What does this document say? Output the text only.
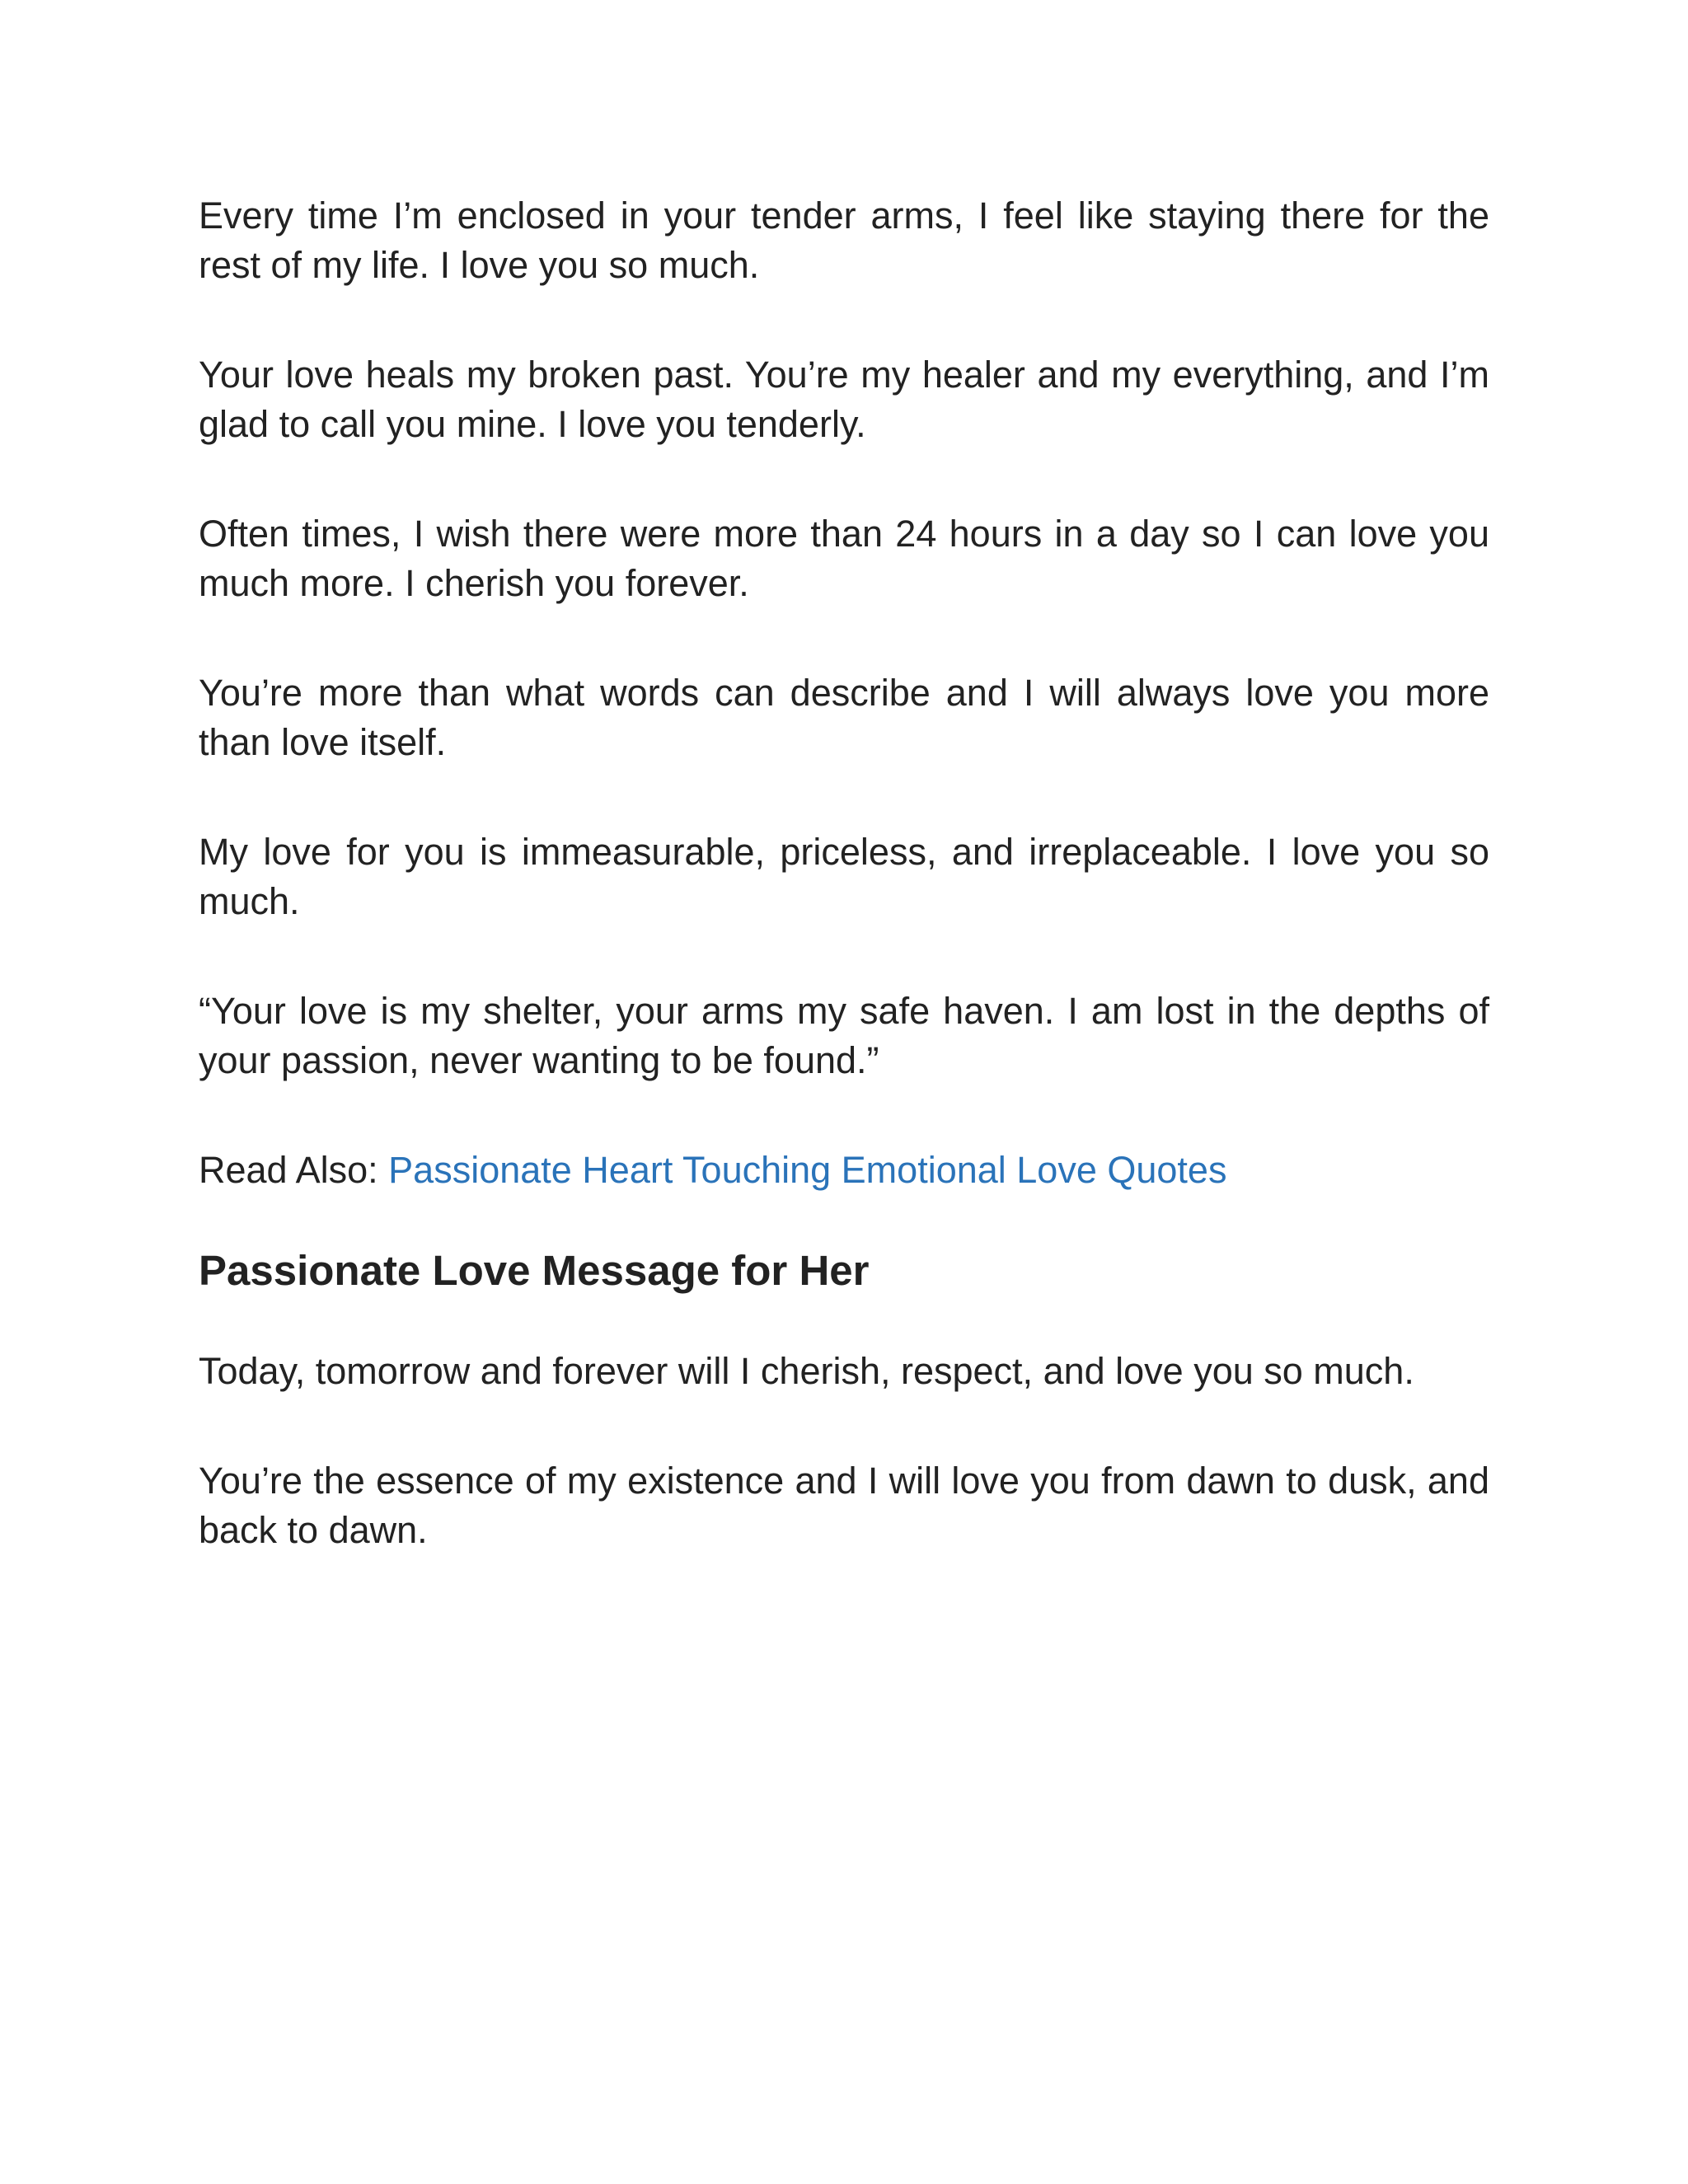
Every time I’m enclosed in your tender arms, I feel like staying there for the rest of my life. I love you so much.

Your love heals my broken past. You’re my healer and my everything, and I’m glad to call you mine. I love you tenderly.

Often times, I wish there were more than 24 hours in a day so I can love you much more. I cherish you forever.

You’re more than what words can describe and I will always love you more than love itself.

My love for you is immeasurable, priceless, and irreplaceable. I love you so much.

“Your love is my shelter, your arms my safe haven. I am lost in the depths of your passion, never wanting to be found.”

Read Also: Passionate Heart Touching Emotional Love Quotes

Passionate Love Message for Her

Today, tomorrow and forever will I cherish, respect, and love you so much.

You’re the essence of my existence and I will love you from dawn to dusk, and back to dawn.
